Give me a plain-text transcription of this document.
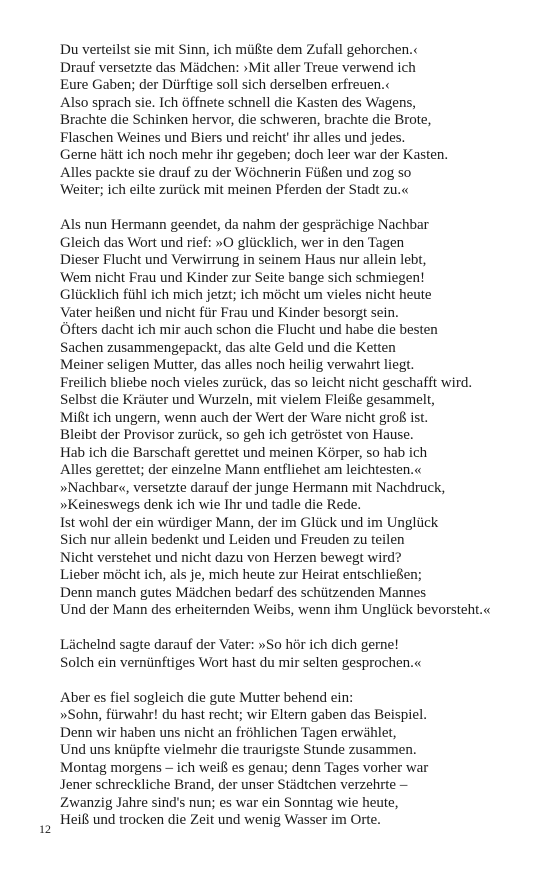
Du verteilst sie mit Sinn, ich müßte dem Zufall gehorchen.‹
Drauf versetzte das Mädchen: ›Mit aller Treue verwend ich
Eure Gaben; der Dürftige soll sich derselben erfreuen.‹
Also sprach sie. Ich öffnete schnell die Kasten des Wagens,
Brachte die Schinken hervor, die schweren, brachte die Brote,
Flaschen Weines und Biers und reicht' ihr alles und jedes.
Gerne hätt ich noch mehr ihr gegeben; doch leer war der Kasten.
Alles packte sie drauf zu der Wöchnerin Füßen und zog so
Weiter; ich eilte zurück mit meinen Pferden der Stadt zu.«
Als nun Hermann geendet, da nahm der gesprächige Nachbar
Gleich das Wort und rief: »O glücklich, wer in den Tagen
Dieser Flucht und Verwirrung in seinem Haus nur allein lebt,
Wem nicht Frau und Kinder zur Seite bange sich schmiegen!
Glücklich fühl ich mich jetzt; ich möcht um vieles nicht heute
Vater heißen und nicht für Frau und Kinder besorgt sein.
Öfters dacht ich mir auch schon die Flucht und habe die besten
Sachen zusammengepackt, das alte Geld und die Ketten
Meiner seligen Mutter, das alles noch heilig verwahrt liegt.
Freilich bliebe noch vieles zurück, das so leicht nicht geschafft wird.
Selbst die Kräuter und Wurzeln, mit vielem Fleiße gesammelt,
Mißt ich ungern, wenn auch der Wert der Ware nicht groß ist.
Bleibt der Provisor zurück, so geh ich getröstet von Hause.
Hab ich die Barschaft gerettet und meinen Körper, so hab ich
Alles gerettet; der einzelne Mann entfliehet am leichtesten.«
»Nachbar«, versetzte darauf der junge Hermann mit Nachdruck,
»Keineswegs denk ich wie Ihr und tadle die Rede.
Ist wohl der ein würdiger Mann, der im Glück und im Unglück
Sich nur allein bedenkt und Leiden und Freuden zu teilen
Nicht verstehet und nicht dazu von Herzen bewegt wird?
Lieber möcht ich, als je, mich heute zur Heirat entschließen;
Denn manch gutes Mädchen bedarf des schützenden Mannes
Und der Mann des erheiternden Weibs, wenn ihm Unglück bevorsteht.«
Lächelnd sagte darauf der Vater: »So hör ich dich gerne!
Solch ein vernünftiges Wort hast du mir selten gesprochen.«
Aber es fiel sogleich die gute Mutter behend ein:
»Sohn, fürwahr! du hast recht; wir Eltern gaben das Beispiel.
Denn wir haben uns nicht an fröhlichen Tagen erwählet,
Und uns knüpfte vielmehr die traurigste Stunde zusammen.
Montag morgens – ich weiß es genau; denn Tages vorher war
Jener schreckliche Brand, der unser Städtchen verzehrte –
Zwanzig Jahre sind's nun; es war ein Sonntag wie heute,
Heiß und trocken die Zeit und wenig Wasser im Orte.
12
